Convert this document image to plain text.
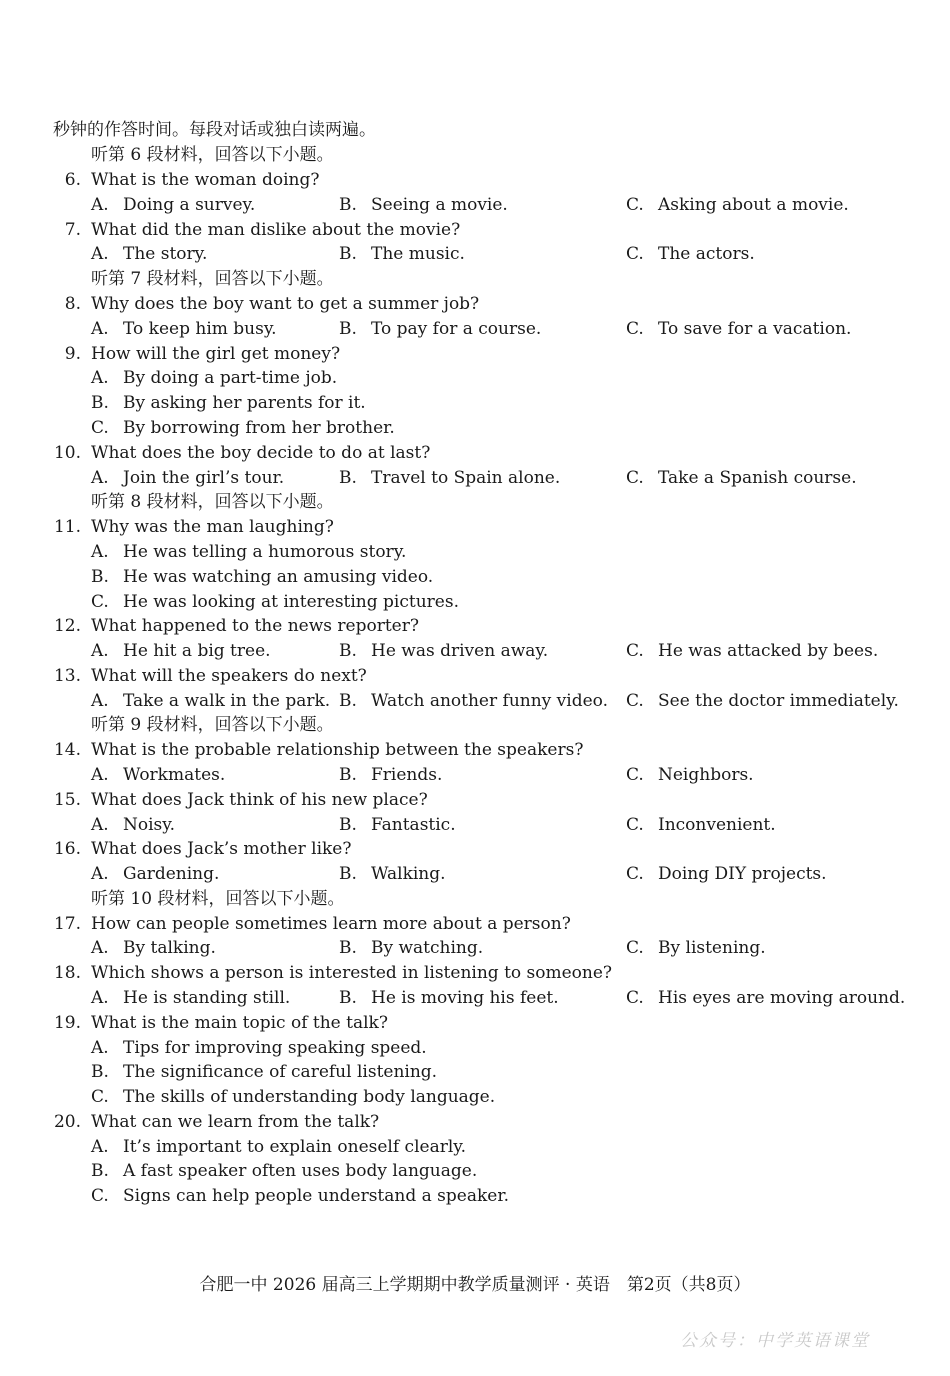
秒钟的作答时间。每段对话或独白读两遍。
听第 6 段材料，回答以下小题。
6. What is the woman doing?
A. Doing a survey.	B. Seeing a movie.	C. Asking about a movie.
7. What did the man dislike about the movie?
A. The story.	B. The music.	C. The actors.
听第 7 段材料，回答以下小题。
8. Why does the boy want to get a summer job?
A. To keep him busy.	B. To pay for a course.	C. To save for a vacation.
9. How will the girl get money?
A. By doing a part-time job.
B. By asking her parents for it.
C. By borrowing from her brother.
10. What does the boy decide to do at last?
A. Join the girl’s tour.	B. Travel to Spain alone.	C. Take a Spanish course.
听第 8 段材料，回答以下小题。
11. Why was the man laughing?
A. He was telling a humorous story.
B. He was watching an amusing video.
C. He was looking at interesting pictures.
12. What happened to the news reporter?
A. He hit a big tree.	B. He was driven away.	C. He was attacked by bees.
13. What will the speakers do next?
A. Take a walk in the park. B. Watch another funny video. C. See the doctor immediately.
听第 9 段材料，回答以下小题。
14. What is the probable relationship between the speakers?
A. Workmates.	B. Friends.	C. Neighbors.
15. What does Jack think of his new place?
A. Noisy.	B. Fantastic.	C. Inconvenient.
16. What does Jack’s mother like?
A. Gardening.	B. Walking.	C. Doing DIY projects.
听第 10 段材料，回答以下小题。
17. How can people sometimes learn more about a person?
A. By talking.	B. By watching.	C. By listening.
18. Which shows a person is interested in listening to someone?
A. He is standing still.	B. He is moving his feet.	C. His eyes are moving around.
19. What is the main topic of the talk?
A. Tips for improving speaking speed.
B. The significance of careful listening.
C. The skills of understanding body language.
20. What can we learn from the talk?
A. It’s important to explain oneself clearly.
B. A fast speaker often uses body language.
C. Signs can help people understand a speaker.
合肥一中 2026 届高三上学期期中教学质量测评 · 英语　第2页（共8页）
公众号：中学英语课堂
